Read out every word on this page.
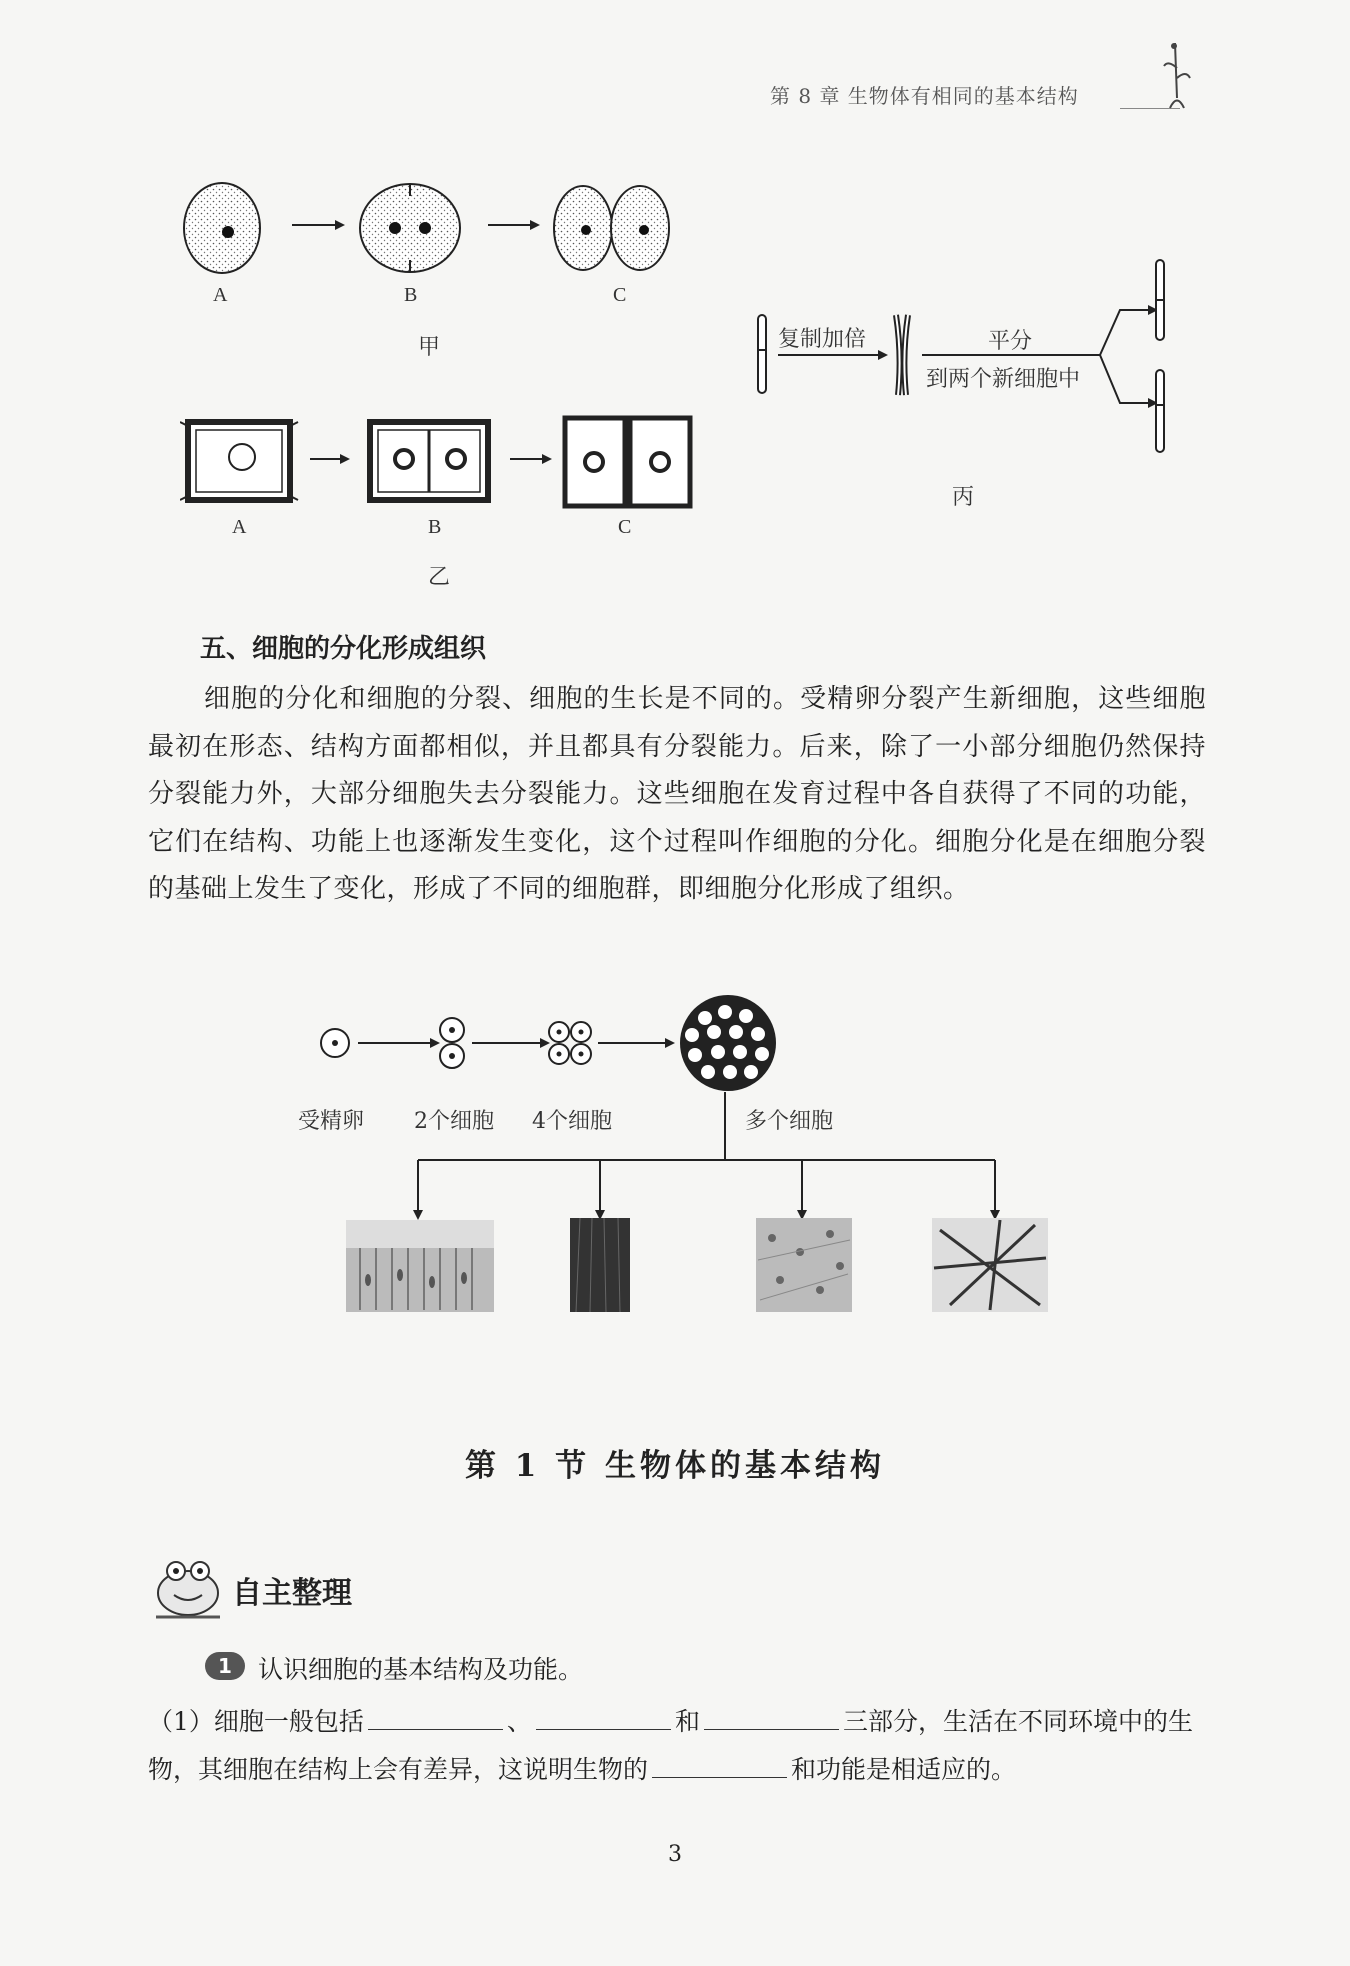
第 8 章 生物体有相同的基本结构
A	B	C
甲	复制加倍	平分
到两个新细胞中
丙
A	B	C
乙
五、细胞的分化形成组织
细胞的分化和细胞的分裂、细胞的生长是不同的。受精卵分裂产生新细胞，这些细胞最初在形态、结构方面都相似，并且都具有分裂能力。后来，除了一小部分细胞仍然保持分裂能力外，大部分细胞失去分裂能力。这些细胞在发育过程中各自获得了不同的功能，它们在结构、功能上也逐渐发生变化，这个过程叫作细胞的分化。细胞分化是在细胞分裂的基础上发生了变化，形成了不同的细胞群，即细胞分化形成了组织。
受精卵 2个细胞 4个细胞	多个细胞
第 1 节 生物体的基本结构
自主整理
1	认识细胞的基本结构及功能。
（1）细胞一般包括	、	和	三部分，生活在不同环境中的生物，其细胞在结构上会有差异，这说明生物的	和功能是相适应的。
3
